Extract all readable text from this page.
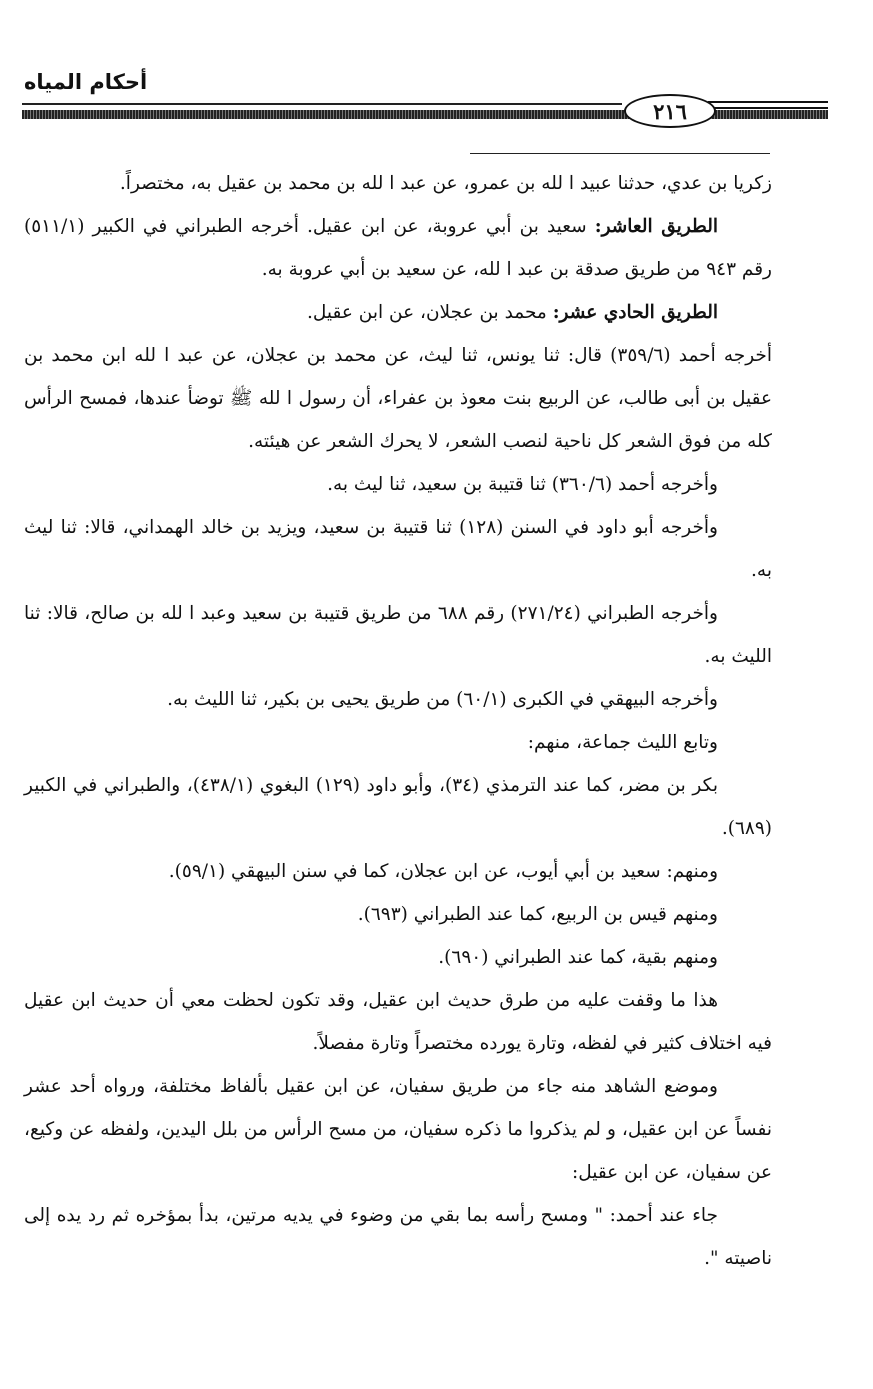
أحكام المياه
٢١٦

زكريا بن عدي، حدثنا عبيد ا لله بن عمرو، عن عبد ا لله بن محمد بن عقيل به، مختصراً.

الطريق العاشر: سعيد بن أبي عروبة، عن ابن عقيل. أخرجه الطبراني في الكبير (٥١١/١) رقم ٩٤٣ من طريق صدقة بن عبد ا لله، عن سعيد بن أبي عروبة به.

الطريق الحادي عشر: محمد بن عجلان، عن ابن عقيل.

أخرجه أحمد (٣٥٩/٦) قال: ثنا يونس، ثنا ليث، عن محمد بن عجلان، عن عبد ا لله ابن محمد بن عقيل بن أبى طالب، عن الربيع بنت معوذ بن عفراء، أن رسول ا لله ﷺ توضأ عندها، فمسح الرأس كله من فوق الشعر كل ناحية لنصب الشعر، لا يحرك الشعر عن هيئته.

وأخرجه أحمد (٣٦٠/٦) ثنا قتيبة بن سعيد، ثنا ليث به.

وأخرجه أبو داود في السنن (١٢٨) ثنا قتيبة بن سعيد، ويزيد بن خالد الهمداني، قالا: ثنا ليث به.

وأخرجه الطبراني (٢٧١/٢٤) رقم ٦٨٨ من طريق قتيبة بن سعيد وعبد ا لله بن صالح، قالا: ثنا الليث به.

وأخرجه البيهقي في الكبرى (٦٠/١) من طريق يحيى بن بكير، ثنا الليث به.

وتابع الليث جماعة، منهم:

بكر بن مضر، كما عند الترمذي (٣٤)، وأبو داود (١٢٩) البغوي (٤٣٨/١)، والطبراني في الكبير (٦٨٩).

ومنهم: سعيد بن أبي أيوب، عن ابن عجلان، كما في سنن البيهقي (٥٩/١).

ومنهم قيس بن الربيع، كما عند الطبراني (٦٩٣).

ومنهم بقية، كما عند الطبراني (٦٩٠).

هذا ما وقفت عليه من طرق حديث ابن عقيل، وقد تكون لحظت معي أن حديث ابن عقيل فيه اختلاف كثير في لفظه، وتارة يورده مختصراً وتارة مفصلاً.

وموضع الشاهد منه جاء من طريق سفيان، عن ابن عقيل بألفاظ مختلفة، ورواه أحد عشر نفساً عن ابن عقيل، و لم يذكروا ما ذكره سفيان، من مسح الرأس من بلل اليدين، ولفظه عن وكيع، عن سفيان، عن ابن عقيل:

جاء عند أحمد: " ومسح رأسه بما بقي من وضوء في يديه مرتين، بدأ بمؤخره ثم رد يده إلى ناصيته ".
